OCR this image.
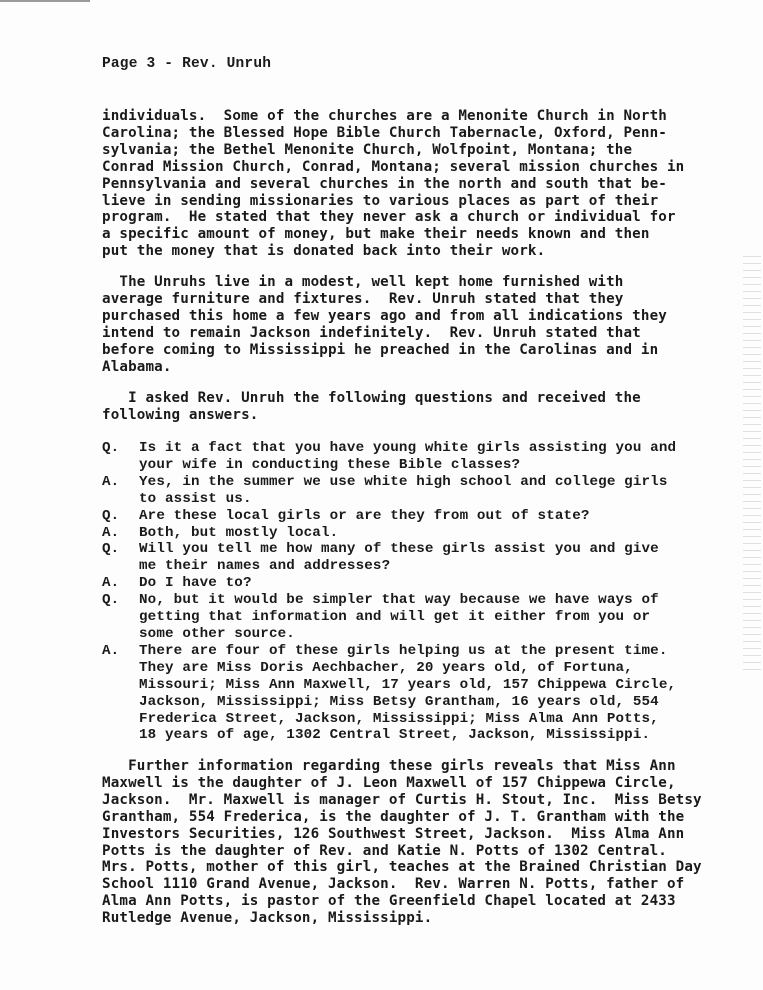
Page 3 - Rev. Unruh
individuals.  Some of the churches are a Menonite Church in North
Carolina; the Blessed Hope Bible Church Tabernacle, Oxford, Penn-
sylvania; the Bethel Menonite Church, Wolfpoint, Montana; the
Conrad Mission Church, Conrad, Montana; several mission churches in
Pennsylvania and several churches in the north and south that be-
lieve in sending missionaries to various places as part of their
program.  He stated that they never ask a church or individual for
a specific amount of money, but make their needs known and then
put the money that is donated back into their work.
The Unruhs live in a modest, well kept home furnished with
average furniture and fixtures.  Rev. Unruh stated that they
purchased this home a few years ago and from all indications they
intend to remain Jackson indefinitely.  Rev. Unruh stated that
before coming to Mississippi he preached in the Carolinas and in
Alabama.
I asked Rev. Unruh the following questions and received the
following answers.
Q. Is it a fact that you have young white girls assisting you and
your wife in conducting these Bible classes?
A. Yes, in the summer we use white high school and college girls
to assist us.
Q. Are these local girls or are they from out of state?
A. Both, but mostly local.
Q. Will you tell me how many of these girls assist you and give
me their names and addresses?
A. Do I have to?
Q. No, but it would be simpler that way because we have ways of
getting that information and will get it either from you or
some other source.
A. There are four of these girls helping us at the present time.
They are Miss Doris Aechbacher, 20 years old, of Fortuna,
Missouri; Miss Ann Maxwell, 17 years old, 157 Chippewa Circle,
Jackson, Mississippi; Miss Betsy Grantham, 16 years old, 554
Frederica Street, Jackson, Mississippi; Miss Alma Ann Potts,
18 years of age, 1302 Central Street, Jackson, Mississippi.
Further information regarding these girls reveals that Miss Ann
Maxwell is the daughter of J. Leon Maxwell of 157 Chippewa Circle,
Jackson.  Mr. Maxwell is manager of Curtis H. Stout, Inc.  Miss Betsy
Grantham, 554 Frederica, is the daughter of J. T. Grantham with the
Investors Securities, 126 Southwest Street, Jackson.  Miss Alma Ann
Potts is the daughter of Rev. and Katie N. Potts of 1302 Central.
Mrs. Potts, mother of this girl, teaches at the Brained Christian Day
School 1110 Grand Avenue, Jackson.  Rev. Warren N. Potts, father of
Alma Ann Potts, is pastor of the Greenfield Chapel located at 2433
Rutledge Avenue, Jackson, Mississippi.
